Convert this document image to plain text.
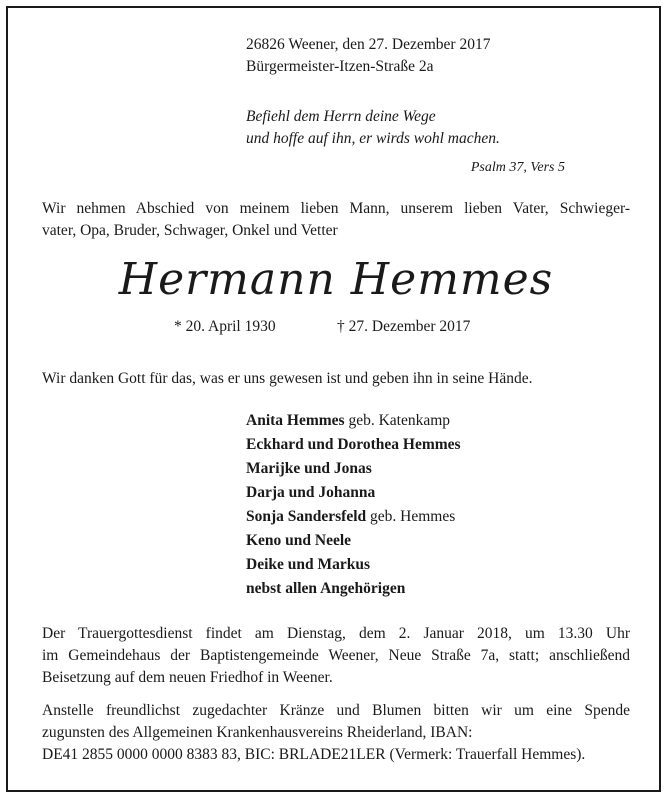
26826 Weener, den 27. Dezember 2017
Bürgermeister-Itzen-Straße 2a
Befiehl dem Herrn deine Wege
und hoffe auf ihn, er wirds wohl machen.
Psalm 37, Vers 5
Wir nehmen Abschied von meinem lieben Mann, unserem lieben Vater, Schwieger-
vater, Opa, Bruder, Schwager, Onkel und Vetter
Hermann Hemmes
* 20. April 1930	† 27. Dezember 2017
Wir danken Gott für das, was er uns gewesen ist und geben ihn in seine Hände.
Anita Hemmes geb. Katenkamp
Eckhard und Dorothea Hemmes
Marijke und Jonas
Darja und Johanna
Sonja Sandersfeld geb. Hemmes
Keno und Neele
Deike und Markus
nebst allen Angehörigen
Der Trauergottesdienst findet am Dienstag, dem 2. Januar 2018, um 13.30 Uhr
im Gemeindehaus der Baptistengemeinde Weener, Neue Straße 7a, statt; anschließend
Beisetzung auf dem neuen Friedhof in Weener.
Anstelle freundlichst zugedachter Kränze und Blumen bitten wir um eine Spende
zugunsten des Allgemeinen Krankenhausvereins Rheiderland, IBAN:
DE41 2855 0000 0000 8383 83, BIC: BRLADE21LER (Vermerk: Trauerfall Hemmes).
